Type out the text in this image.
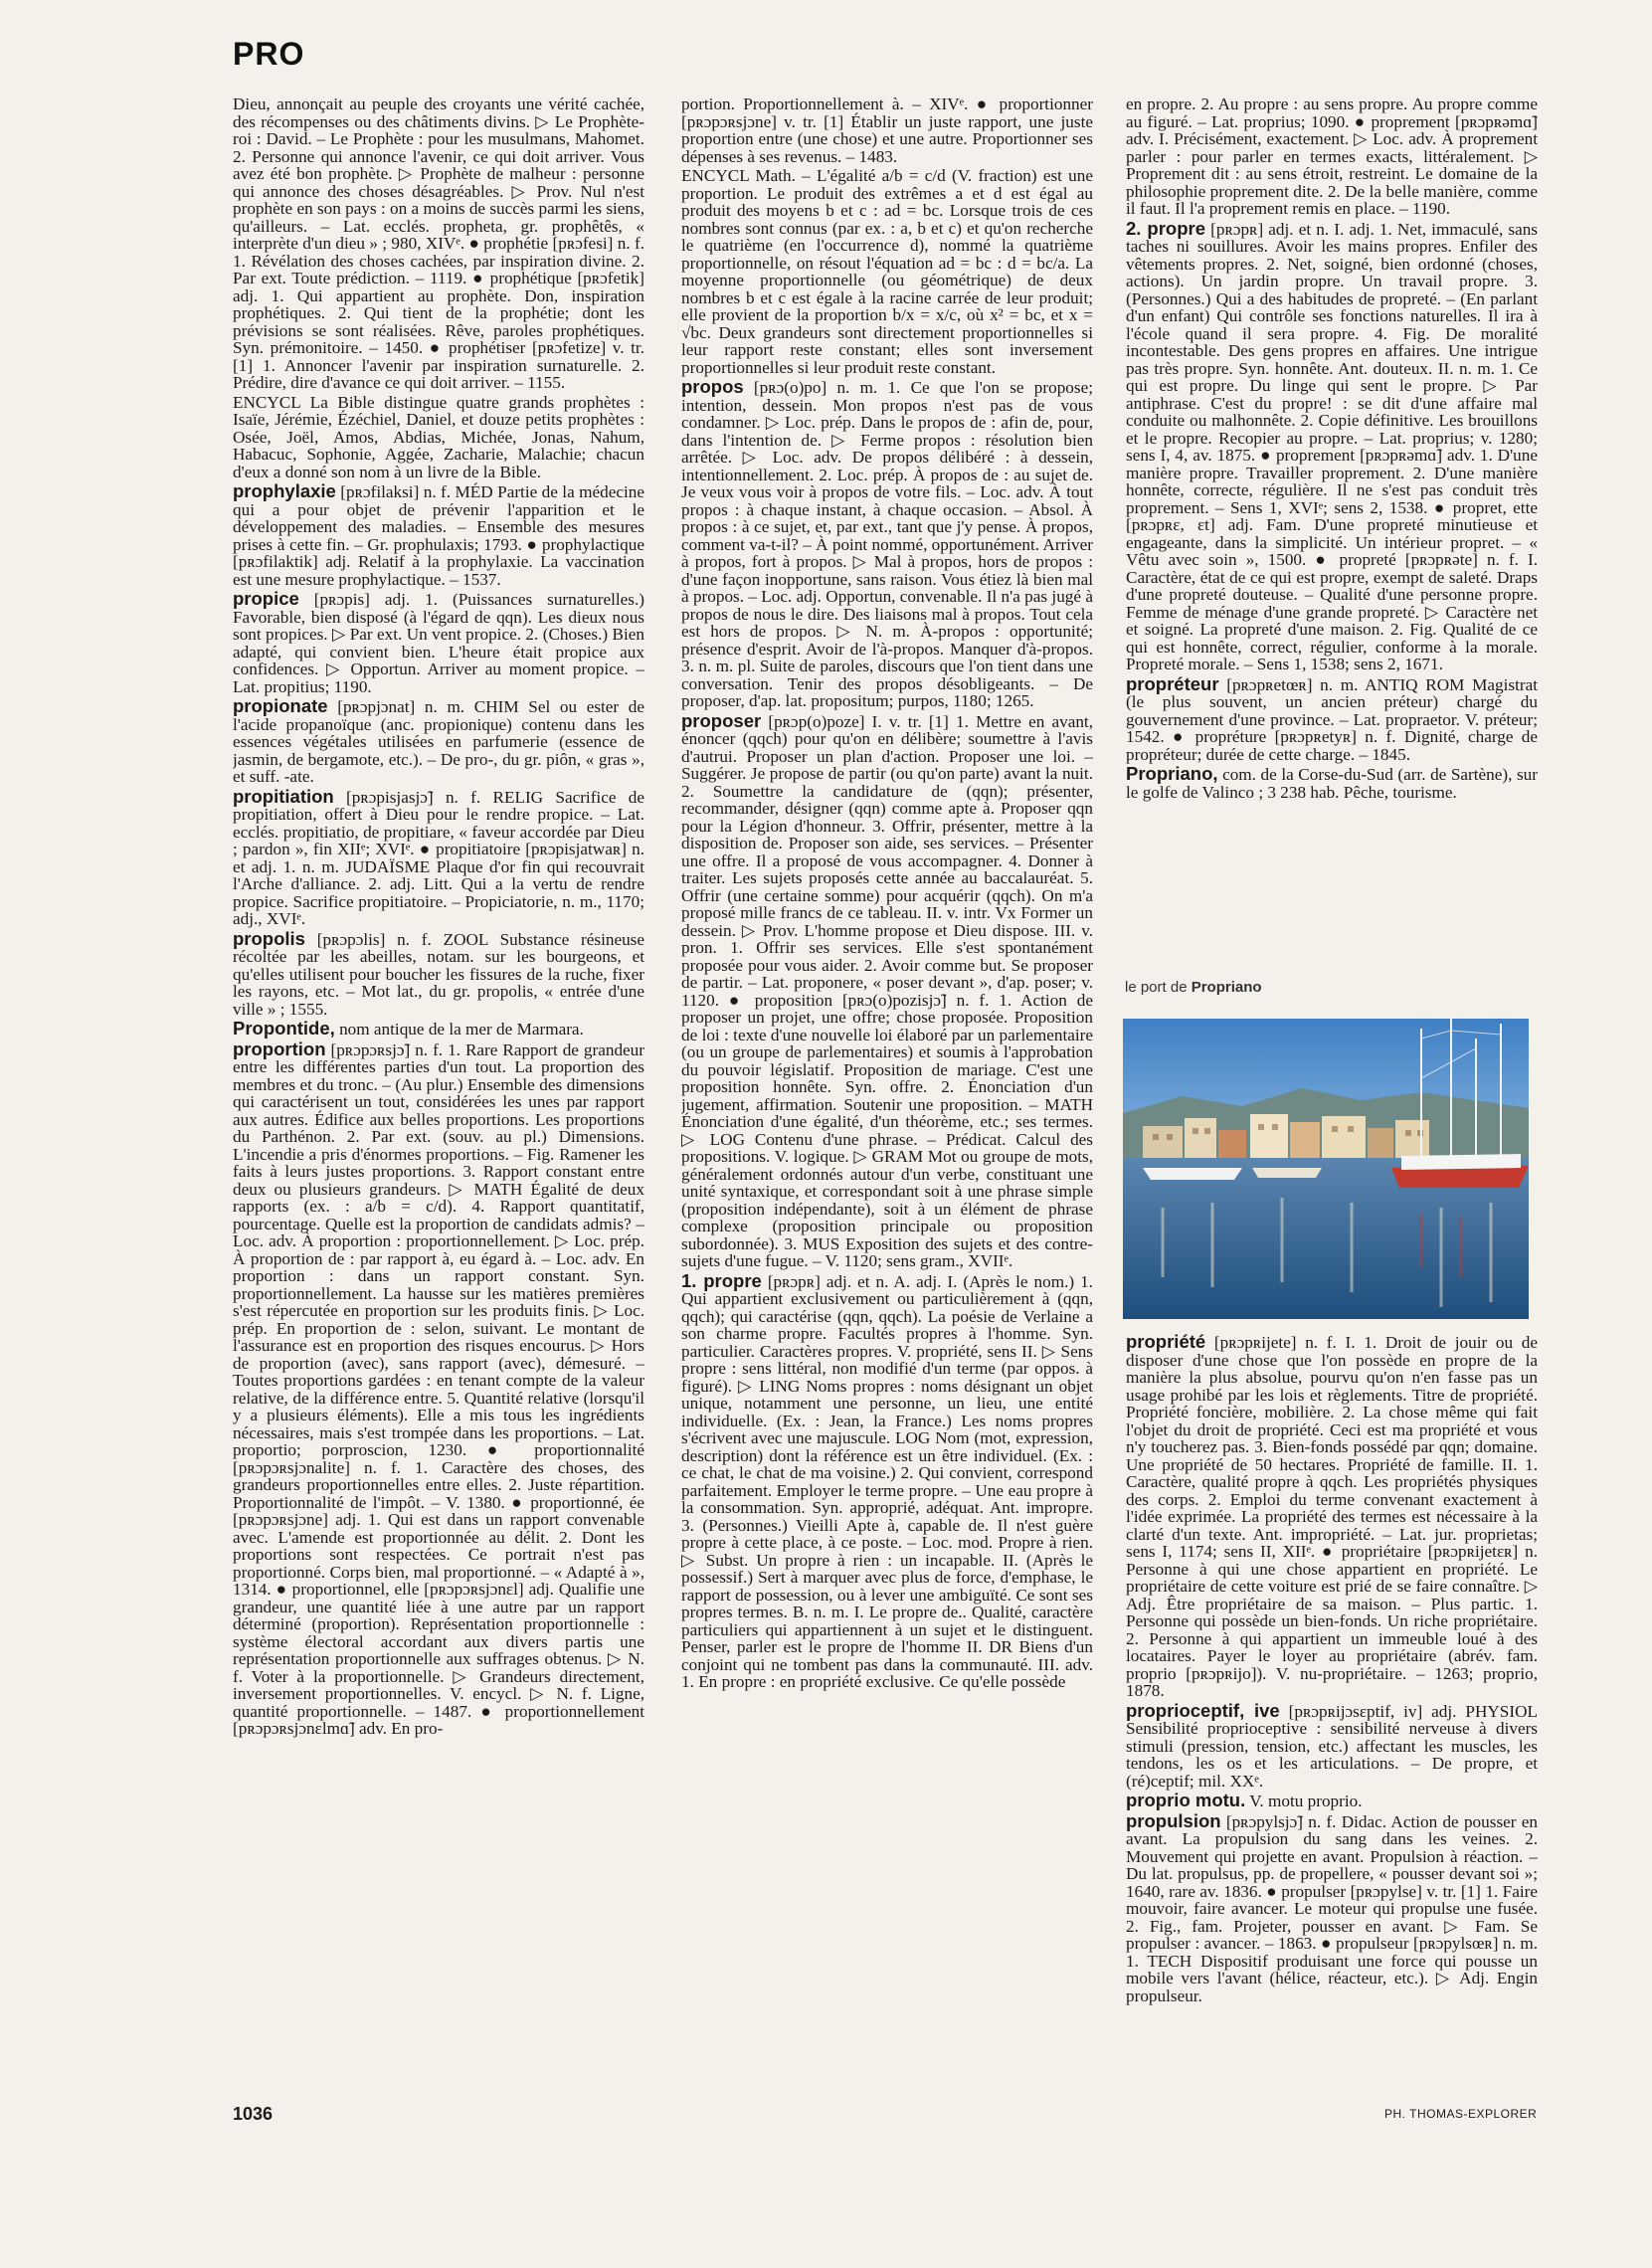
PRO

Dieu, annonçait au peuple des croyants une vérité cachée, des récompenses ou des châtiments divins. ▷ Le Prophète-roi : David. – Le Prophète : pour les musulmans, Mahomet. 2. Personne qui annonce l'avenir, ce qui doit arriver. Vous avez été bon prophète. ▷ Prophète de malheur : personne qui annonce des choses désagréables. ▷ Prov. Nul n'est prophète en son pays : on a moins de succès parmi les siens, qu'ailleurs. – Lat. ecclés. propheta, gr. prophêtês, « interprète d'un dieu » ; 980, XIVᵉ. ● prophétie [pʀɔfesi] n. f. 1. Révélation des choses cachées, par inspiration divine. 2. Par ext. Toute prédiction. – 1119. ● prophétique [pʀɔfetik] adj. 1. Qui appartient au prophète. Don, inspiration prophétiques. 2. Qui tient de la prophétie; dont les prévisions se sont réalisées. Rêve, paroles prophétiques. Syn. prémonitoire. – 1450. ● prophétiser [pʀɔfetize] v. tr. [1] 1. Annoncer l'avenir par inspiration surnaturelle. 2. Prédire, dire d'avance ce qui doit arriver. – 1155.

ENCYCL La Bible distingue quatre grands prophètes : Isaïe, Jérémie, Ézéchiel, Daniel, et douze petits prophètes : Osée, Joël, Amos, Abdias, Michée, Jonas, Nahum, Habacuc, Sophonie, Aggée, Zacharie, Malachie; chacun d'eux a donné son nom à un livre de la Bible.

prophylaxie [pʀɔfilaksi] n. f. MÉD Partie de la médecine qui a pour objet de prévenir l'apparition et le développement des maladies. – Ensemble des mesures prises à cette fin. – Gr. prophulaxis; 1793. ● prophylactique [pʀɔfilaktik] adj. Relatif à la prophylaxie. La vaccination est une mesure prophylactique. – 1537.

propice [pʀɔpis] adj. 1. (Puissances surnaturelles.) Favorable, bien disposé (à l'égard de qqn). Les dieux nous sont propices. ▷ Par ext. Un vent propice. 2. (Choses.) Bien adapté, qui convient bien. L'heure était propice aux confidences. ▷ Opportun. Arriver au moment propice. – Lat. propitius; 1190.

propionate [pʀɔpjɔnat] n. m. CHIM Sel ou ester de l'acide propanoïque (anc. propionique) contenu dans les essences végétales utilisées en parfumerie (essence de jasmin, de bergamote, etc.). – De pro-, du gr. piôn, « gras », et suff. -ate.

propitiation [pʀɔpisjasjɔ̃] n. f. RELIG Sacrifice de propitiation, offert à Dieu pour le rendre propice. – Lat. ecclés. propitiatio, de propitiare, « faveur accordée par Dieu ; pardon », fin XIIᵉ; XVIᵉ. ● propitiatoire [pʀɔpisjatwaʀ] n. et adj. 1. n. m. JUDAÏSME Plaque d'or fin qui recouvrait l'Arche d'alliance. 2. adj. Litt. Qui a la vertu de rendre propice. Sacrifice propitiatoire. – Propiciatorie, n. m., 1170; adj., XVIᵉ.

propolis [pʀɔpɔlis] n. f. ZOOL Substance résineuse récoltée par les abeilles, notam. sur les bourgeons, et qu'elles utilisent pour boucher les fissures de la ruche, fixer les rayons, etc. – Mot lat., du gr. propolis, « entrée d'une ville » ; 1555.

Propontide, nom antique de la mer de Marmara.

proportion [pʀɔpɔʀsjɔ̃] n. f. 1. Rare Rapport de grandeur entre les différentes parties d'un tout. La proportion des membres et du tronc. – (Au plur.) Ensemble des dimensions qui caractérisent un tout, considérées les unes par rapport aux autres. Édifice aux belles proportions. Les proportions du Parthénon. 2. Par ext. (souv. au pl.) Dimensions. L'incendie a pris d'énormes proportions. – Fig. Ramener les faits à leurs justes proportions. 3. Rapport constant entre deux ou plusieurs grandeurs. ▷ MATH Égalité de deux rapports (ex. : a/b = c/d). 4. Rapport quantitatif, pourcentage. Quelle est la proportion de candidats admis? – Loc. adv. À proportion : proportionnellement. ▷ Loc. prép. À proportion de : par rapport à, eu égard à. – Loc. adv. En proportion : dans un rapport constant. Syn. proportionnellement. La hausse sur les matières premières s'est répercutée en proportion sur les produits finis. ▷ Loc. prép. En proportion de : selon, suivant. Le montant de l'assurance est en proportion des risques encourus. ▷ Hors de proportion (avec), sans rapport (avec), démesuré. – Toutes proportions gardées : en tenant compte de la valeur relative, de la différence entre. 5. Quantité relative (lorsqu'il y a plusieurs éléments). Elle a mis tous les ingrédients nécessaires, mais s'est trompée dans les proportions. – Lat. proportio; porproscion, 1230. ● proportionnalité [pʀɔpɔʀsjɔnalite] n. f. 1. Caractère des choses, des grandeurs proportionnelles entre elles. 2. Juste répartition. Proportionnalité de l'impôt. – V. 1380. ● proportionné, ée [pʀɔpɔʀsjɔne] adj. 1. Qui est dans un rapport convenable avec. L'amende est proportionnée au délit. 2. Dont les proportions sont respectées. Ce portrait n'est pas proportionné. Corps bien, mal proportionné. – « Adapté à », 1314. ● proportionnel, elle [pʀɔpɔʀsjɔnɛl] adj. Qualifie une grandeur, une quantité liée à une autre par un rapport déterminé (proportion). Représentation proportionnelle : système électoral accordant aux divers partis une représentation proportionnelle aux suffrages obtenus. ▷ N. f. Voter à la proportionnelle. ▷ Grandeurs directement, inversement proportionnelles. V. encycl. ▷ N. f. Ligne, quantité proportionnelle. – 1487. ● proportionnellement [pʀɔpɔʀsjɔnɛlmɑ̃] adv. En pro-

portion. Proportionnellement à. – XIVᵉ. ● proportionner [pʀɔpɔʀsjɔne] v. tr. [1] Établir un juste rapport, une juste proportion entre (une chose) et une autre. Proportionner ses dépenses à ses revenus. – 1483.

ENCYCL Math. – L'égalité a/b = c/d (V. fraction) est une proportion. Le produit des extrêmes a et d est égal au produit des moyens b et c : ad = bc. Lorsque trois de ces nombres sont connus (par ex. : a, b et c) et qu'on recherche le quatrième (en l'occurrence d), nommé la quatrième proportionnelle, on résout l'équation ad = bc : d = bc/a. La moyenne proportionnelle (ou géométrique) de deux nombres b et c est égale à la racine carrée de leur produit; elle provient de la proportion b/x = x/c, où x² = bc, et x = √bc. Deux grandeurs sont directement proportionnelles si leur rapport reste constant; elles sont inversement proportionnelles si leur produit reste constant.

propos [pʀɔ(o)po] n. m. 1. Ce que l'on se propose; intention, dessein. Mon propos n'est pas de vous condamner. ▷ Loc. prép. Dans le propos de : afin de, pour, dans l'intention de. ▷ Ferme propos : résolution bien arrêtée. ▷ Loc. adv. De propos délibéré : à dessein, intentionnellement. 2. Loc. prép. À propos de : au sujet de. Je veux vous voir à propos de votre fils. – Loc. adv. À tout propos : à chaque instant, à chaque occasion. – Absol. À propos : à ce sujet, et, par ext., tant que j'y pense. À propos, comment va-t-il? – À point nommé, opportunément. Arriver à propos, fort à propos. ▷ Mal à propos, hors de propos : d'une façon inopportune, sans raison. Vous étiez là bien mal à propos. – Loc. adj. Opportun, convenable. Il n'a pas jugé à propos de nous le dire. Des liaisons mal à propos. Tout cela est hors de propos. ▷ N. m. À-propos : opportunité; présence d'esprit. Avoir de l'à-propos. Manquer d'à-propos. 3. n. m. pl. Suite de paroles, discours que l'on tient dans une conversation. Tenir des propos désobligeants. – De proposer, d'ap. lat. propositum; purpos, 1180; 1265.

proposer [pʀɔp(o)poze] I. v. tr. [1] 1. Mettre en avant, énoncer (qqch) pour qu'on en délibère; soumettre à l'avis d'autrui. Proposer un plan d'action. Proposer une loi. – Suggérer. Je propose de partir (ou qu'on parte) avant la nuit. 2. Soumettre la candidature de (qqn); présenter, recommander, désigner (qqn) comme apte à. Proposer qqn pour la Légion d'honneur. 3. Offrir, présenter, mettre à la disposition de. Proposer son aide, ses services. – Présenter une offre. Il a proposé de vous accompagner. 4. Donner à traiter. Les sujets proposés cette année au baccalauréat. 5. Offrir (une certaine somme) pour acquérir (qqch). On m'a proposé mille francs de ce tableau. II. v. intr. Vx Former un dessein. ▷ Prov. L'homme propose et Dieu dispose. III. v. pron. 1. Offrir ses services. Elle s'est spontanément proposée pour vous aider. 2. Avoir comme but. Se proposer de partir. – Lat. proponere, « poser devant », d'ap. poser; v. 1120. ● proposition [pʀɔ(o)pozisjɔ̃] n. f. 1. Action de proposer un projet, une offre; chose proposée. Proposition de loi : texte d'une nouvelle loi élaboré par un parlementaire (ou un groupe de parlementaires) et soumis à l'approbation du pouvoir législatif. Proposition de mariage. C'est une proposition honnête. Syn. offre. 2. Énonciation d'un jugement, affirmation. Soutenir une proposition. – MATH Énonciation d'une égalité, d'un théorème, etc.; ses termes. ▷ LOG Contenu d'une phrase. – Prédicat. Calcul des propositions. V. logique. ▷ GRAM Mot ou groupe de mots, généralement ordonnés autour d'un verbe, constituant une unité syntaxique, et correspondant soit à une phrase simple (proposition indépendante), soit à un élément de phrase complexe (proposition principale ou proposition subordonnée). 3. MUS Exposition des sujets et des contre-sujets d'une fugue. – V. 1120; sens gram., XVIIᵉ.

1. propre [pʀɔpʀ] adj. et n. A. adj. I. (Après le nom.) 1. Qui appartient exclusivement ou particulièrement à (qqn, qqch); qui caractérise (qqn, qqch). La poésie de Verlaine a son charme propre. Facultés propres à l'homme. Syn. particulier. Caractères propres. V. propriété, sens II. ▷ Sens propre : sens littéral, non modifié d'un terme (par oppos. à figuré). ▷ LING Noms propres : noms désignant un objet unique, notamment une personne, un lieu, une entité individuelle. (Ex. : Jean, la France.) Les noms propres s'écrivent avec une majuscule. LOG Nom (mot, expression, description) dont la référence est un être individuel. (Ex. : ce chat, le chat de ma voisine.) 2. Qui convient, correspond parfaitement. Employer le terme propre. – Une eau propre à la consommation. Syn. approprié, adéquat. Ant. impropre. 3. (Personnes.) Vieilli Apte à, capable de. Il n'est guère propre à cette place, à ce poste. – Loc. mod. Propre à rien. ▷ Subst. Un propre à rien : un incapable. II. (Après le possessif.) Sert à marquer avec plus de force, d'emphase, le rapport de possession, ou à lever une ambiguïté. Ce sont ses propres termes. B. n. m. I. Le propre de.. Qualité, caractère particuliers qui appartiennent à un sujet et le distinguent. Penser, parler est le propre de l'homme II. DR Biens d'un conjoint qui ne tombent pas dans la communauté. III. adv. 1. En propre : en propriété exclusive. Ce qu'elle possède

en propre. 2. Au propre : au sens propre. Au propre comme au figuré. – Lat. proprius; 1090. ● proprement [pʀɔpʀəmɑ̃] adv. I. Précisément, exactement. ▷ Loc. adv. À proprement parler : pour parler en termes exacts, littéralement. ▷ Proprement dit : au sens étroit, restreint. Le domaine de la philosophie proprement dite. 2. De la belle manière, comme il faut. Il l'a proprement remis en place. – 1190.

2. propre [pʀɔpʀ] adj. et n. I. adj. 1. Net, immaculé, sans taches ni souillures. Avoir les mains propres. Enfiler des vêtements propres. 2. Net, soigné, bien ordonné (choses, actions). Un jardin propre. Un travail propre. 3. (Personnes.) Qui a des habitudes de propreté. – (En parlant d'un enfant) Qui contrôle ses fonctions naturelles. Il ira à l'école quand il sera propre. 4. Fig. De moralité incontestable. Des gens propres en affaires. Une intrigue pas très propre. Syn. honnête. Ant. douteux. II. n. m. 1. Ce qui est propre. Du linge qui sent le propre. ▷ Par antiphrase. C'est du propre! : se dit d'une affaire mal conduite ou malhonnête. 2. Copie définitive. Les brouillons et le propre. Recopier au propre. – Lat. proprius; v. 1280; sens I, 4, av. 1875. ● proprement [pʀɔpʀəmɑ̃] adv. 1. D'une manière propre. Travailler proprement. 2. D'une manière honnête, correcte, régulière. Il ne s'est pas conduit très proprement. – Sens 1, XVIᵉ; sens 2, 1538. ● propret, ette [pʀɔpʀɛ, ɛt] adj. Fam. D'une propreté minutieuse et engageante, dans la simplicité. Un intérieur propret. – « Vêtu avec soin », 1500. ● propreté [pʀɔpʀəte] n. f. I. Caractère, état de ce qui est propre, exempt de saleté. Draps d'une propreté douteuse. – Qualité d'une personne propre. Femme de ménage d'une grande propreté. ▷ Caractère net et soigné. La propreté d'une maison. 2. Fig. Qualité de ce qui est honnête, correct, régulier, conforme à la morale. Propreté morale. – Sens 1, 1538; sens 2, 1671.

propréteur [pʀɔpʀetœʀ] n. m. ANTIQ ROM Magistrat (le plus souvent, un ancien préteur) chargé du gouvernement d'une province. – Lat. propraetor. V. préteur; 1542. ● propréture [pʀɔpʀetyʀ] n. f. Dignité, charge de propréteur; durée de cette charge. – 1845.

Propriano, com. de la Corse-du-Sud (arr. de Sartène), sur le golfe de Valinco ; 3 238 hab. Pêche, tourisme.

le port de Propriano

propriété [pʀɔpʀijete] n. f. I. 1. Droit de jouir ou de disposer d'une chose que l'on possède en propre de la manière la plus absolue, pourvu qu'on n'en fasse pas un usage prohibé par les lois et règlements. Titre de propriété. Propriété foncière, mobilière. 2. La chose même qui fait l'objet du droit de propriété. Ceci est ma propriété et vous n'y toucherez pas. 3. Bien-fonds possédé par qqn; domaine. Une propriété de 50 hectares. Propriété de famille. II. 1. Caractère, qualité propre à qqch. Les propriétés physiques des corps. 2. Emploi du terme convenant exactement à l'idée exprimée. La propriété des termes est nécessaire à la clarté d'un texte. Ant. impropriété. – Lat. jur. proprietas; sens I, 1174; sens II, XIIᵉ. ● propriétaire [pʀɔpʀijetɛʀ] n. Personne à qui une chose appartient en propriété. Le propriétaire de cette voiture est prié de se faire connaître. ▷ Adj. Être propriétaire de sa maison. – Plus partic. 1. Personne qui possède un bien-fonds. Un riche propriétaire. 2. Personne à qui appartient un immeuble loué à des locataires. Payer le loyer au propriétaire (abrév. fam. proprio [pʀɔpʀijo]). V. nu-propriétaire. – 1263; proprio, 1878.

proprioceptif, ive [pʀɔpʀijɔsɛptif, iv] adj. PHYSIOL Sensibilité proprioceptive : sensibilité nerveuse à divers stimuli (pression, tension, etc.) affectant les muscles, les tendons, les os et les articulations. – De propre, et (ré)ceptif; mil. XXᵉ.

proprio motu. V. motu proprio.

propulsion [pʀɔpylsjɔ̃] n. f. Didac. Action de pousser en avant. La propulsion du sang dans les veines. 2. Mouvement qui projette en avant. Propulsion à réaction. – Du lat. propulsus, pp. de propellere, « pousser devant soi »; 1640, rare av. 1836. ● propulser [pʀɔpylse] v. tr. [1] 1. Faire mouvoir, faire avancer. Le moteur qui propulse une fusée. 2. Fig., fam. Projeter, pousser en avant. ▷ Fam. Se propulser : avancer. – 1863. ● propulseur [pʀɔpylsœʀ] n. m. 1. TECH Dispositif produisant une force qui pousse un mobile vers l'avant (hélice, réacteur, etc.). ▷ Adj. Engin propulseur.

1036	PH. THOMAS-EXPLORER
